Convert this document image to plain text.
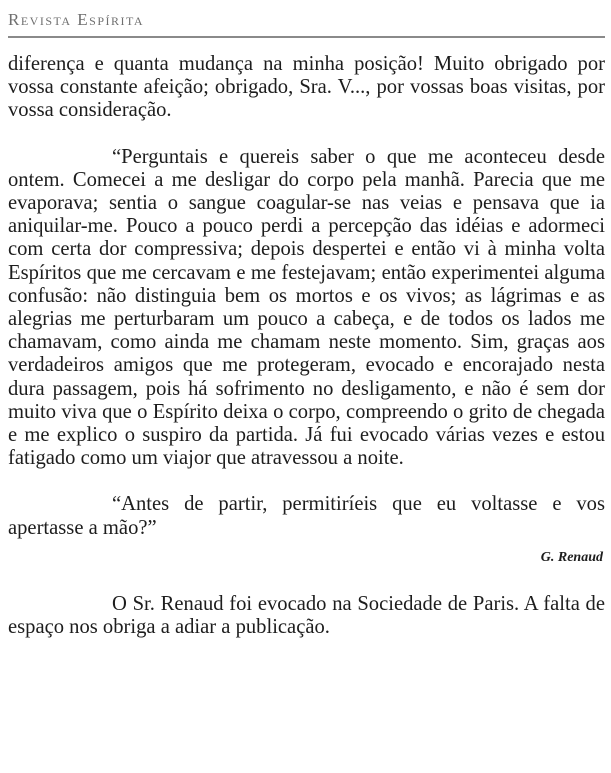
Revista Espírita

diferença e quanta mudança na minha posição! Muito obrigado por vossa constante afeição; obrigado, Sra. V..., por vossas boas visitas, por vossa consideração.

“Perguntais e quereis saber o que me aconteceu desde ontem. Comecei a me desligar do corpo pela manhã. Parecia que me evaporava; sentia o sangue coagular-se nas veias e pensava que ia aniquilar-me. Pouco a pouco perdi a percepção das idéias e adormeci com certa dor compressiva; depois despertei e então vi à minha volta Espíritos que me cercavam e me festejavam; então experimentei alguma confusão: não distinguia bem os mortos e os vivos; as lágrimas e as alegrias me perturbaram um pouco a cabeça, e de todos os lados me chamavam, como ainda me chamam neste momento. Sim, graças aos verdadeiros amigos que me protegeram, evocado e encorajado nesta dura passagem, pois há sofrimento no desligamento, e não é sem dor muito viva que o Espírito deixa o corpo, compreendo o grito de chegada e me explico o suspiro da partida. Já fui evocado várias vezes e estou fatigado como um viajor que atravessou a noite.

“Antes de partir, permitiríeis que eu voltasse e vos apertasse a mão?”

G. Renaud

O Sr. Renaud foi evocado na Sociedade de Paris. A falta de espaço nos obriga a adiar a publicação.
